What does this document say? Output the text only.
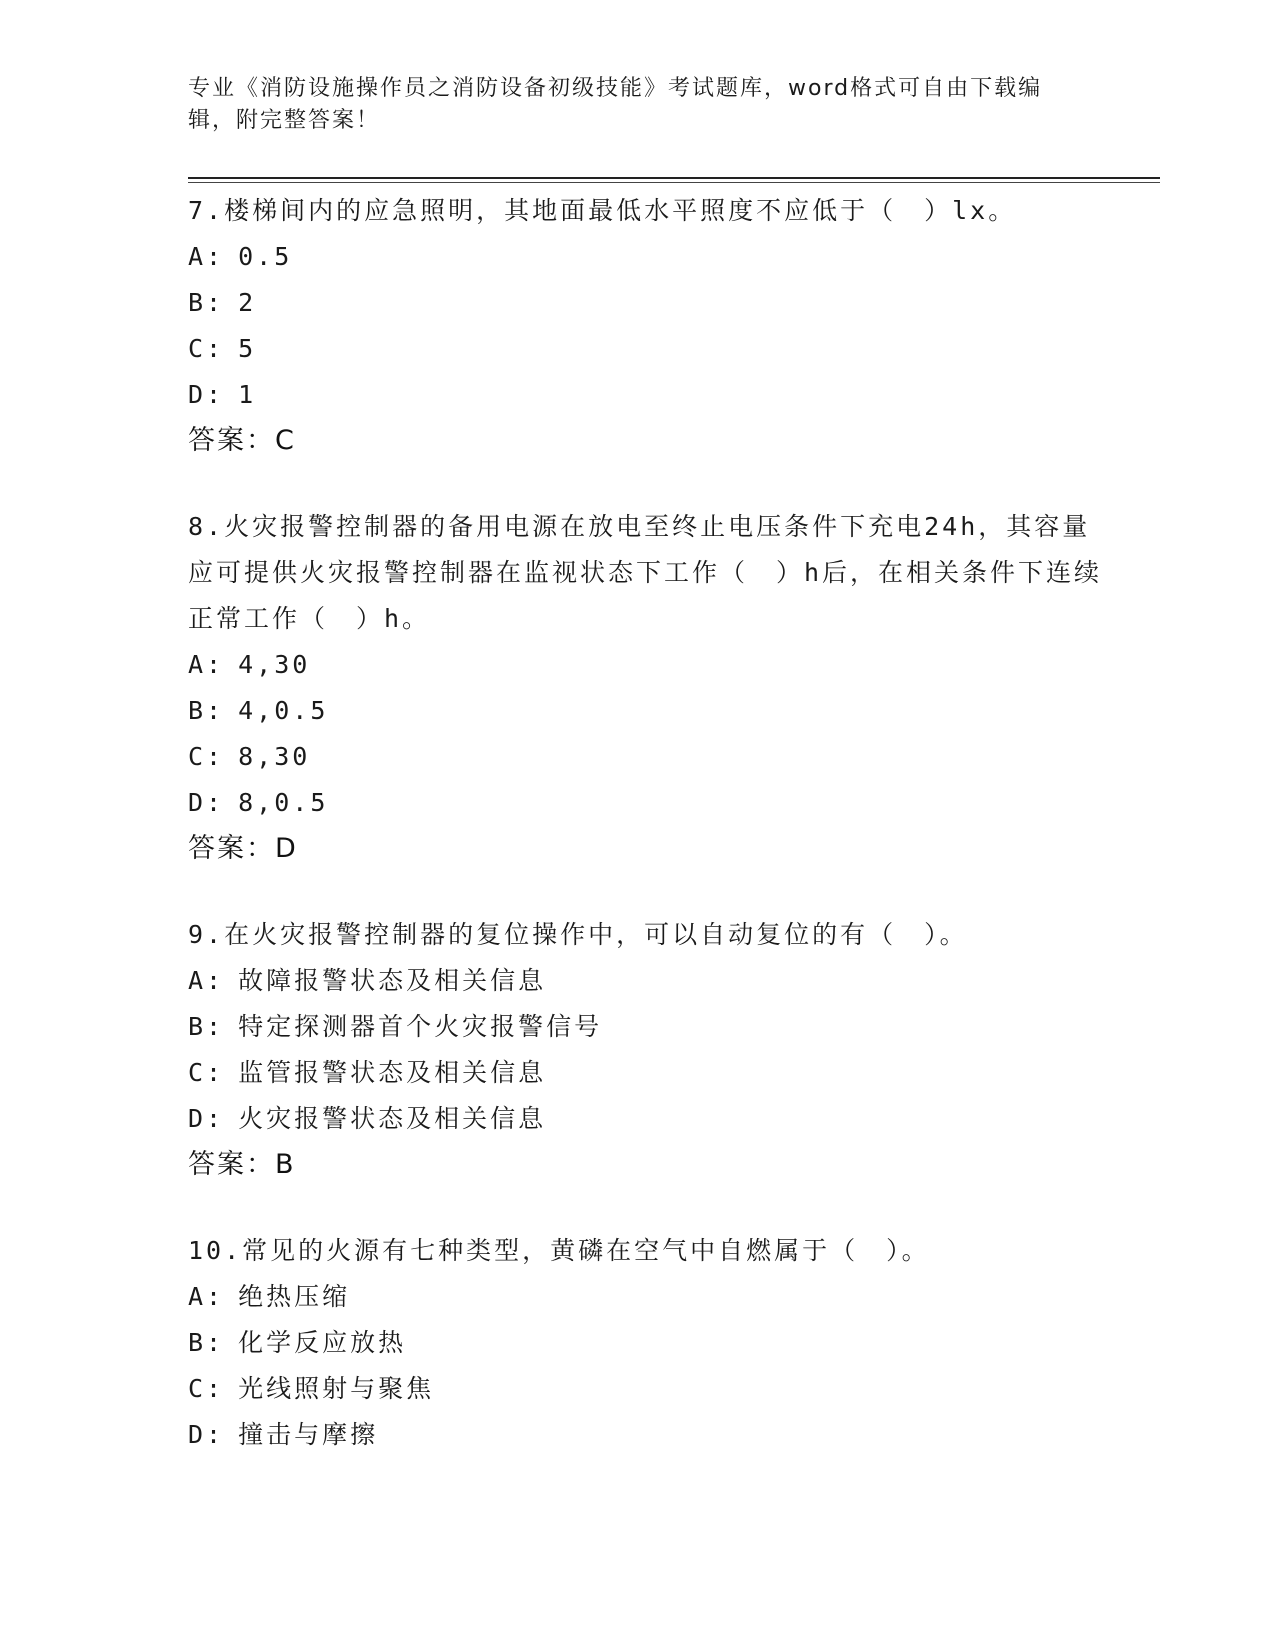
专业《消防设施操作员之消防设备初级技能》考试题库，word格式可自由下载编
辑，附完整答案！

7.楼梯间内的应急照明，其地面最低水平照度不应低于（　）lx。

A: 0.5
B: 2
C: 5
D: 1
答案：C

8.火灾报警控制器的备用电源在放电至终止电压条件下充电24h，其容量应可提供火灾报警控制器在监视状态下工作（　）h后，在相关条件下连续正常工作（　）h。

A: 4,30
B: 4,0.5
C: 8,30
D: 8,0.5
答案：D

9.在火灾报警控制器的复位操作中，可以自动复位的有（　）。

A: 故障报警状态及相关信息
B: 特定探测器首个火灾报警信号
C: 监管报警状态及相关信息
D: 火灾报警状态及相关信息
答案：B

10.常见的火源有七种类型，黄磷在空气中自燃属于（　）。

A: 绝热压缩
B: 化学反应放热
C: 光线照射与聚焦
D: 撞击与摩擦
